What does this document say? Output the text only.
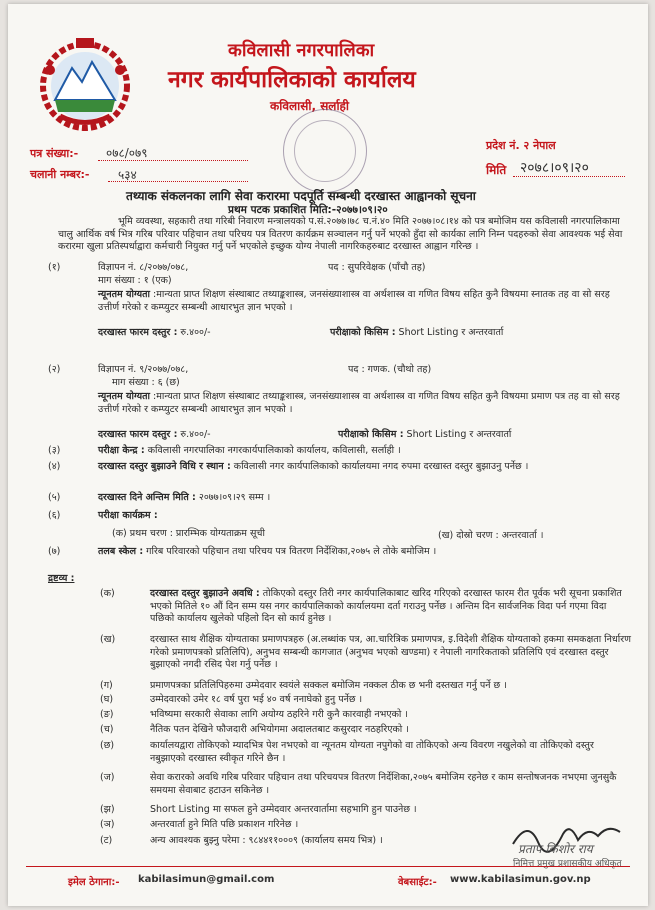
कविलासी नगरपालिका
नगर कार्यपालिकाको कार्यालय
कविलासी, सर्लाही
पत्र संख्या:- ०७८/०७९
चलानी नम्बर:- ५३४
प्रदेश नं. २ नेपाल
मिति २०७८।०९।२०
तथ्याक संकलनका लागि सेवा करारमा पदपूर्ति सम्बन्धी दरखास्त आह्वानको सूचना
प्रथम पटक प्रकाशित मिति:-२०७७।०९।२०
भूमि व्यवस्था, सहकारी तथा गरिबी निवारण मन्त्रालयको प.सं.२०७७।७८ च.नं.४० मिति २०७७।०८।१४ को पत्र बमोजिम यस कविलासी नगरपालिकामा चालु आर्थिक वर्ष भित्र गरिब परिवार पहिचान तथा परिचय पत्र वितरण कार्यक्रम सञ्चालन गर्नु पर्ने भएको हुँदा सो कार्यका लागि निम्न पदहरुको सेवा आवश्यक भई सेवा करारमा खुला प्रतिस्पर्धाद्वारा कर्मचारी नियुक्त गर्नु पर्ने भएकोले इच्छुक योग्य नेपाली नागरिकहरुबाट दरखास्त आह्वान गरिन्छ ।
(१)	विज्ञापन नं. ८/२०७७/०७८,	पद : सुपरिवेक्षक (पाँचौ तह)
माग संख्या : १ (एक)
न्यूनतम योग्यता :मान्यता प्राप्त शिक्षण संस्थाबाट तथ्याङ्कशास्त्र, जनसंख्याशास्त्र वा अर्थशास्त्र वा गणित विषय सहित कुनै विषयमा स्नातक तह वा सो सरह उत्तीर्ण गरेको र कम्प्युटर सम्बन्धी आधारभुत ज्ञान भएको ।
दरखास्त फारम दस्तुर : रु.४००/-	परीक्षाको किसिम : Short Listing र अन्तरवार्ता
(२)	विज्ञापन नं. ९/२०७७/०७८,	पद : गणक. (चौथो तह)
माग संख्या : ६ (छ)
न्यूनतम योग्यता :मान्यता प्राप्त शिक्षण संस्थाबाट तथ्याङ्कशास्त्र, जनसंख्याशास्त्र वा अर्थशास्त्र वा गणित विषय सहित कुनै विषयमा प्रमाण पत्र तह वा सो सरह उत्तीर्ण गरेको र कम्प्युटर सम्बन्धी आधारभुत ज्ञान भएको ।
दरखास्त फारम दस्तुर : रु.४००/-	परीक्षाको किसिम : Short Listing र अन्तरवार्ता
(३)	परीक्षा केन्द्र : कविलासी नगरपालिका नगरकार्यपालिकाको कार्यालय, कविलासी, सर्लाही ।
(४)	दरखास्त दस्तुर बुझाउने विधि र स्थान : कविलासी नगर कार्यपालिकाको कार्यालयमा नगद रुपमा दरखास्त दस्तुर बुझाउनु पर्नेछ ।
(५)	दरखास्त दिने अन्तिम मिति : २०७७।०९।२९ सम्म ।
(६)	परीक्षा कार्यक्रम :
(क) प्रथम चरण : प्रारम्भिक योग्यताक्रम सूची	(ख) दोस्रो चरण : अन्तरवार्ता ।
(७)	तलब स्केल : गरिब परिवारको पहिचान तथा परिचय पत्र वितरण निर्देशिका,२०७५ ले तोके बमोजिम ।
द्रष्टव्य :
(क)	दरखास्त दस्तुर बुझाउने अवधि : तोकिएको दस्तुर तिरी नगर कार्यपालिकाबाट खरिद गरिएको दरखास्त फारम रीत पूर्वक भरी सूचना प्रकाशित भएको मितिले १० औं दिन सम्म यस नगर कार्यपालिकाको कार्यालयमा दर्ता गराउनु पर्नेछ । अन्तिम दिन सार्वजनिक विदा पर्न गएमा विदा पछिको कार्यालय खुलेको पहिलो दिन सो कार्य हुनेछ ।
(ख)	दरखास्त साथ शैक्षिक योग्यताका प्रमाणपत्रहरु (अ.लब्धांक पत्र, आ.चारित्रिक प्रमाणपत्र, इ.विदेशी शैक्षिक योग्यताको हकमा समकक्षता निर्धारण गरेको प्रमाणपत्रको प्रतिलिपि), अनुभव सम्बन्धी कागजात (अनुभव भएको खण्डमा) र नेपाली नागरिकताको प्रतिलिपि एवं दरखास्त दस्तुर बुझाएको नगदी रसिद पेश गर्नु पर्नेछ ।
(ग)	प्रमाणपत्रका प्रतिलिपिहरुमा उम्मेदवार स्वयंले सक्कल बमोजिम नक्कल ठीक छ भनी दस्तखत गर्नु पर्ने छ ।
(घ)	उम्मेदवारको उमेर १८ वर्ष पुरा भई ४० वर्ष ननाघेको हुनु पर्नेछ ।
(ङ)	भविष्यमा सरकारी सेवाका लागि अयोग्य ठहरिने गरी कुनै कारवाही नभएको ।
(च)	नैतिक पतन देखिने फौजदारी अभियोगमा अदालतबाट कसुरदार नठहरिएको ।
(छ)	कार्यालयद्वारा तोकिएको म्यादभित्र पेश नभएको वा न्यूनतम योग्यता नपुगेको वा तोकिएको अन्य विवरण नखुलेको वा तोकिएको दस्तुर नबुझाएको दरखास्त स्वीकृत गरिने छैन ।
(ज)	सेवा करारको अवधि गरिब परिवार पहिचान तथा परिचयपत्र वितरण निर्देशिका,२०७५ बमोजिम रहनेछ र काम सन्तोषजनक नभएमा जुनसुकै समयमा सेवाबाट हटाउन सकिनेछ ।
(झ)	Short Listing मा सफल हुने उम्मेदवार अन्तरवार्तामा सहभागि हुन पाउनेछ ।
(ञ)	अन्तरवार्ता हुने मिति पछि प्रकाशन गरिनेछ ।
(ट)	अन्य आवश्यक बुझ्नु परेमा : ९८४४११०००९ (कार्यालय समय भित्र) ।
प्रताप किशोर राय
निमित्त प्रमुख प्रशासकीय अधिकृत
इमेल ठेगाना:- kabilasimun@gmail.com	वेबसाईट:- www.kabilasimun.gov.np
